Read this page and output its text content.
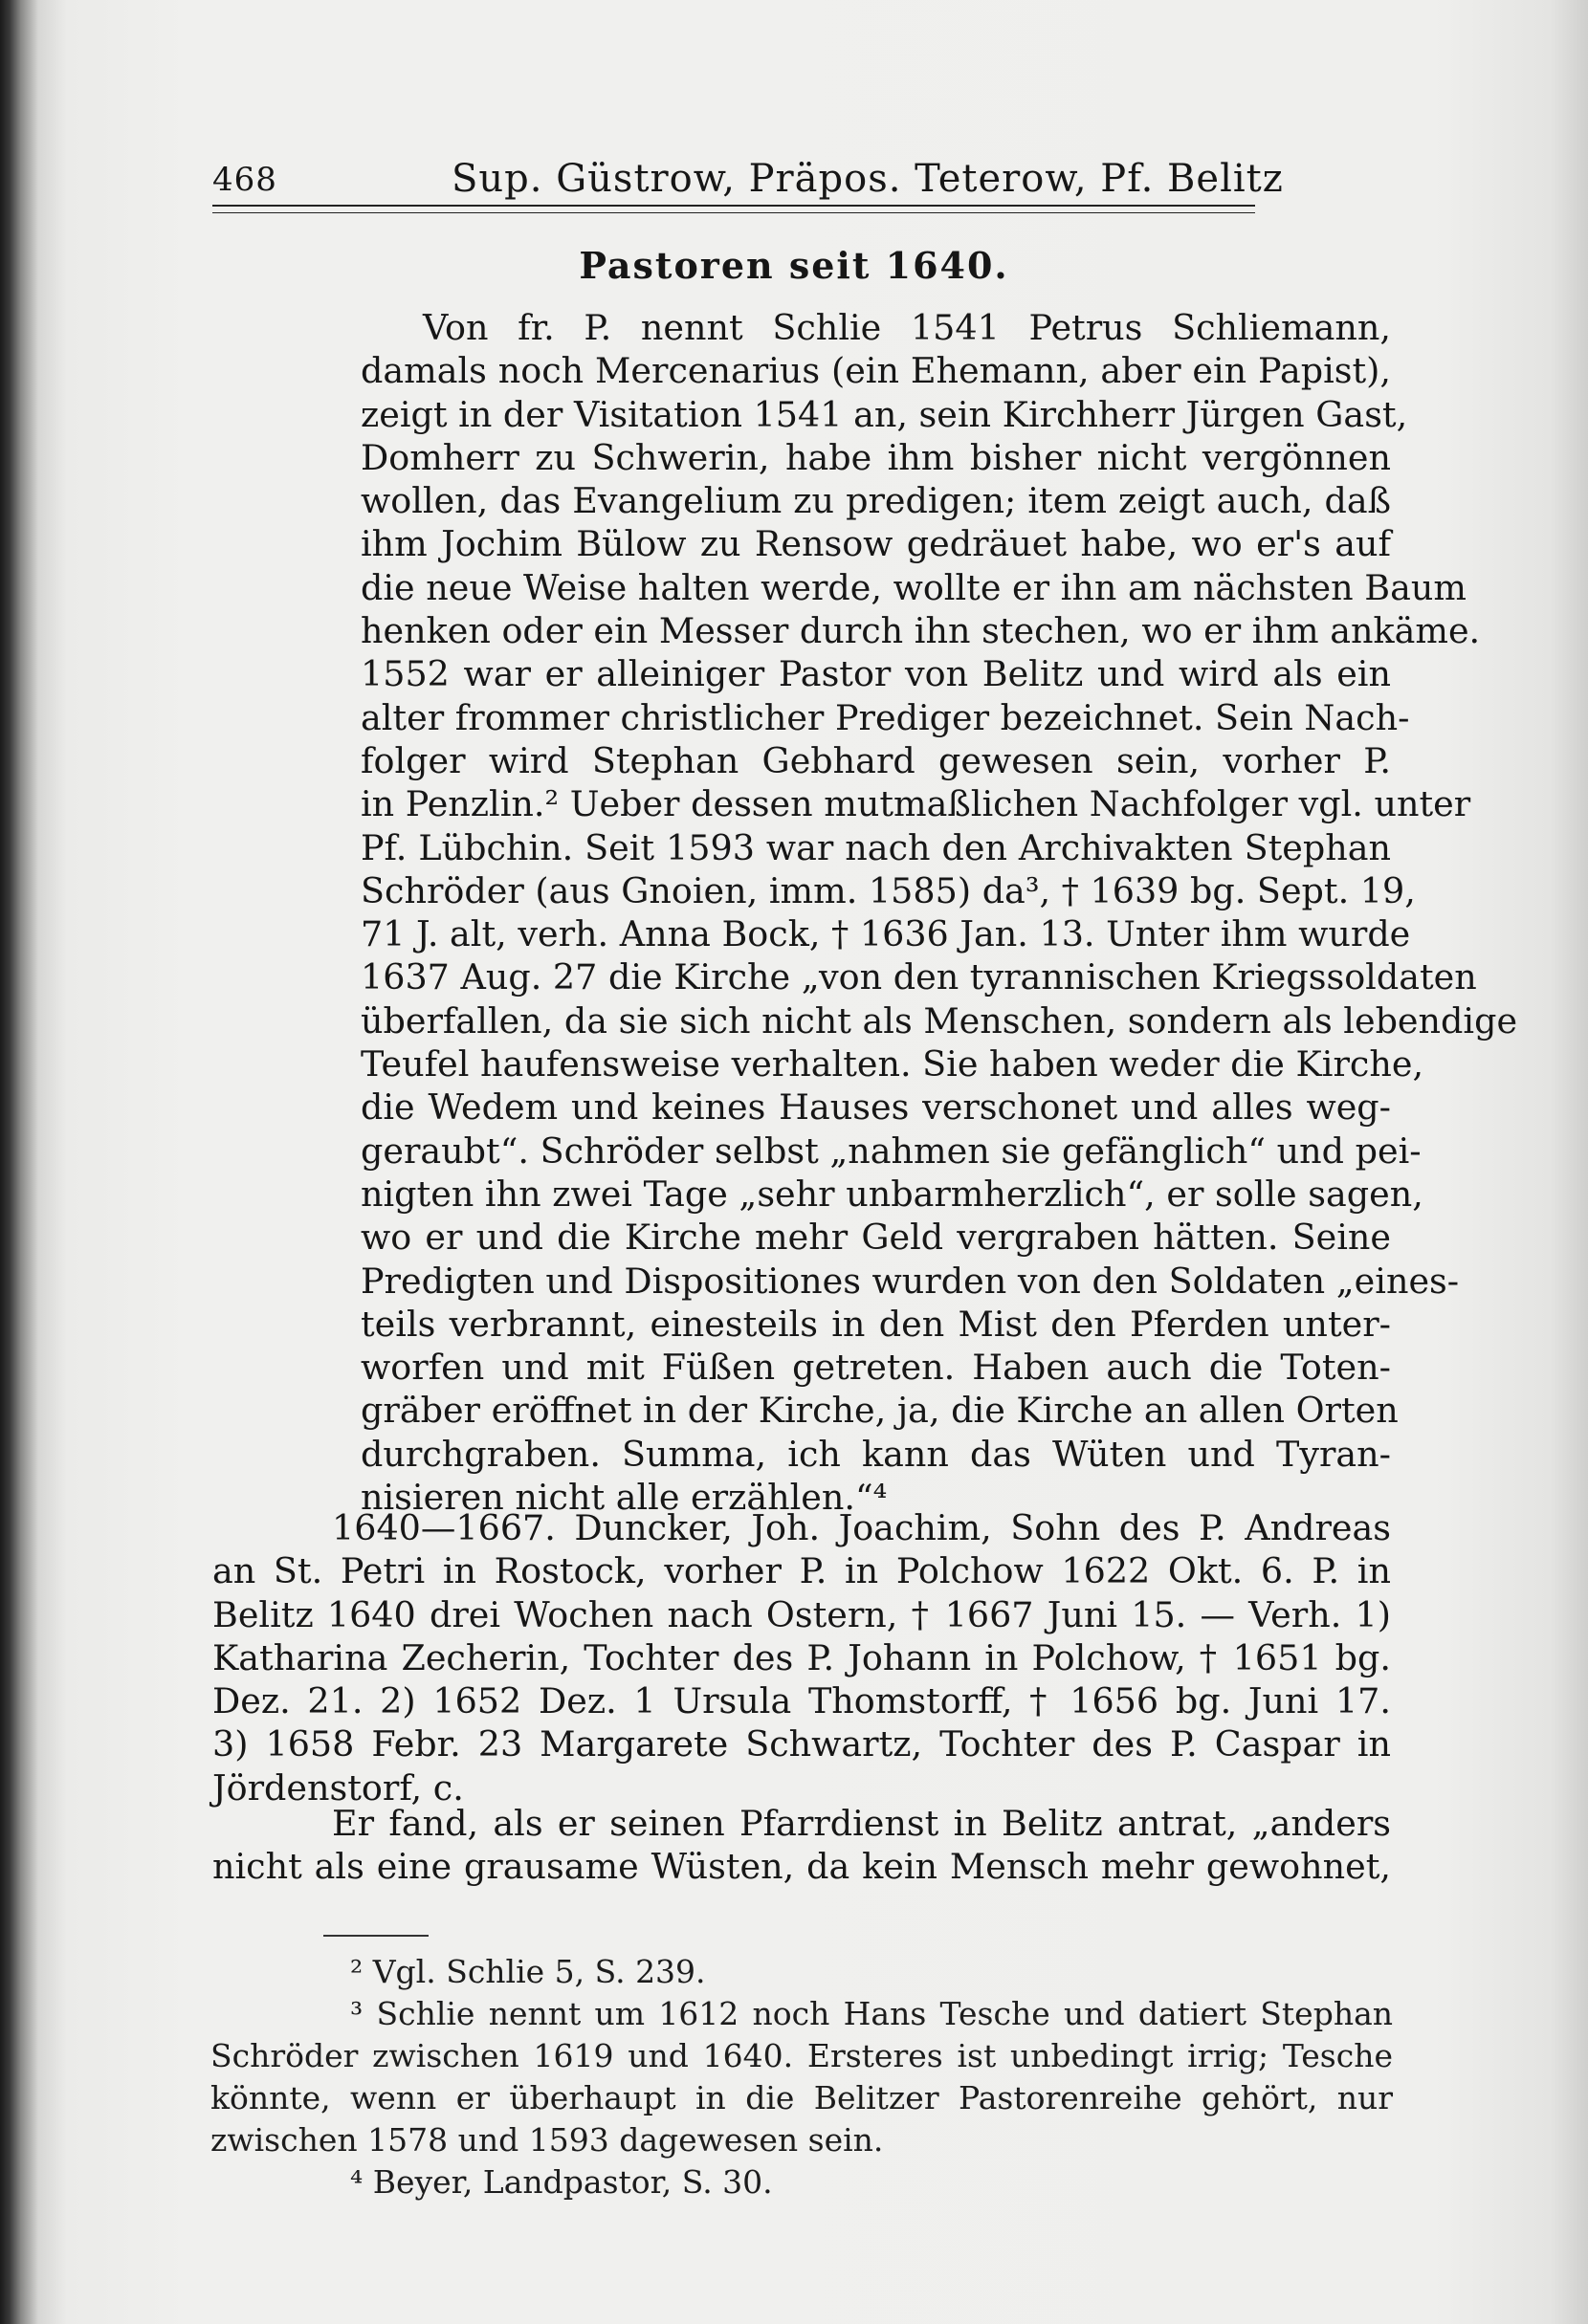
468	Sup. Güstrow, Präpos. Teterow, Pf. Belitz
Pastoren seit 1640.
Von fr. P. nennt Schlie 1541 Petrus Schliemann,
damals noch Mercenarius (ein Ehemann, aber ein Papist),
zeigt in der Visitation 1541 an, sein Kirchherr Jürgen Gast,
Domherr zu Schwerin, habe ihm bisher nicht vergönnen
wollen, das Evangelium zu predigen; item zeigt auch, daß
ihm Jochim Bülow zu Rensow gedräuet habe, wo er's auf
die neue Weise halten werde, wollte er ihn am nächsten Baum
henken oder ein Messer durch ihn stechen, wo er ihm ankäme.
1552 war er alleiniger Pastor von Belitz und wird als ein
alter frommer christlicher Prediger bezeichnet. Sein Nach-
folger wird Stephan Gebhard gewesen sein, vorher P.
in Penzlin.² Ueber dessen mutmaßlichen Nachfolger vgl. unter
Pf. Lübchin. Seit 1593 war nach den Archivakten Stephan
Schröder (aus Gnoien, imm. 1585) da³, † 1639 bg. Sept. 19,
71 J. alt, verh. Anna Bock, † 1636 Jan. 13. Unter ihm wurde
1637 Aug. 27 die Kirche „von den tyrannischen Kriegssoldaten
überfallen, da sie sich nicht als Menschen, sondern als lebendige
Teufel haufensweise verhalten. Sie haben weder die Kirche,
die Wedem und keines Hauses verschonet und alles weg-
geraubt“. Schröder selbst „nahmen sie gefänglich“ und pei-
nigten ihn zwei Tage „sehr unbarmherzlich“, er solle sagen,
wo er und die Kirche mehr Geld vergraben hätten. Seine
Predigten und Dispositiones wurden von den Soldaten „eines-
teils verbrannt, einesteils in den Mist den Pferden unter-
worfen und mit Füßen getreten. Haben auch die Toten-
gräber eröffnet in der Kirche, ja, die Kirche an allen Orten
durchgraben. Summa, ich kann das Wüten und Tyran-
nisieren nicht alle erzählen.“⁴
1640—1667. Duncker, Joh. Joachim, Sohn des P. Andreas
an St. Petri in Rostock, vorher P. in Polchow 1622 Okt. 6. P. in
Belitz 1640 drei Wochen nach Ostern, † 1667 Juni 15. — Verh. 1)
Katharina Zecherin, Tochter des P. Johann in Polchow, † 1651 bg.
Dez. 21. 2) 1652 Dez. 1 Ursula Thomstorff, † 1656 bg. Juni 17.
3) 1658 Febr. 23 Margarete Schwartz, Tochter des P. Caspar in
Jördenstorf, c.
Er fand, als er seinen Pfarrdienst in Belitz antrat, „anders
nicht als eine grausame Wüsten, da kein Mensch mehr gewohnet,
² Vgl. Schlie 5, S. 239.
³ Schlie nennt um 1612 noch Hans Tesche und datiert Stephan
Schröder zwischen 1619 und 1640. Ersteres ist unbedingt irrig; Tesche
könnte, wenn er überhaupt in die Belitzer Pastorenreihe gehört, nur
zwischen 1578 und 1593 dagewesen sein.
⁴ Beyer, Landpastor, S. 30.
